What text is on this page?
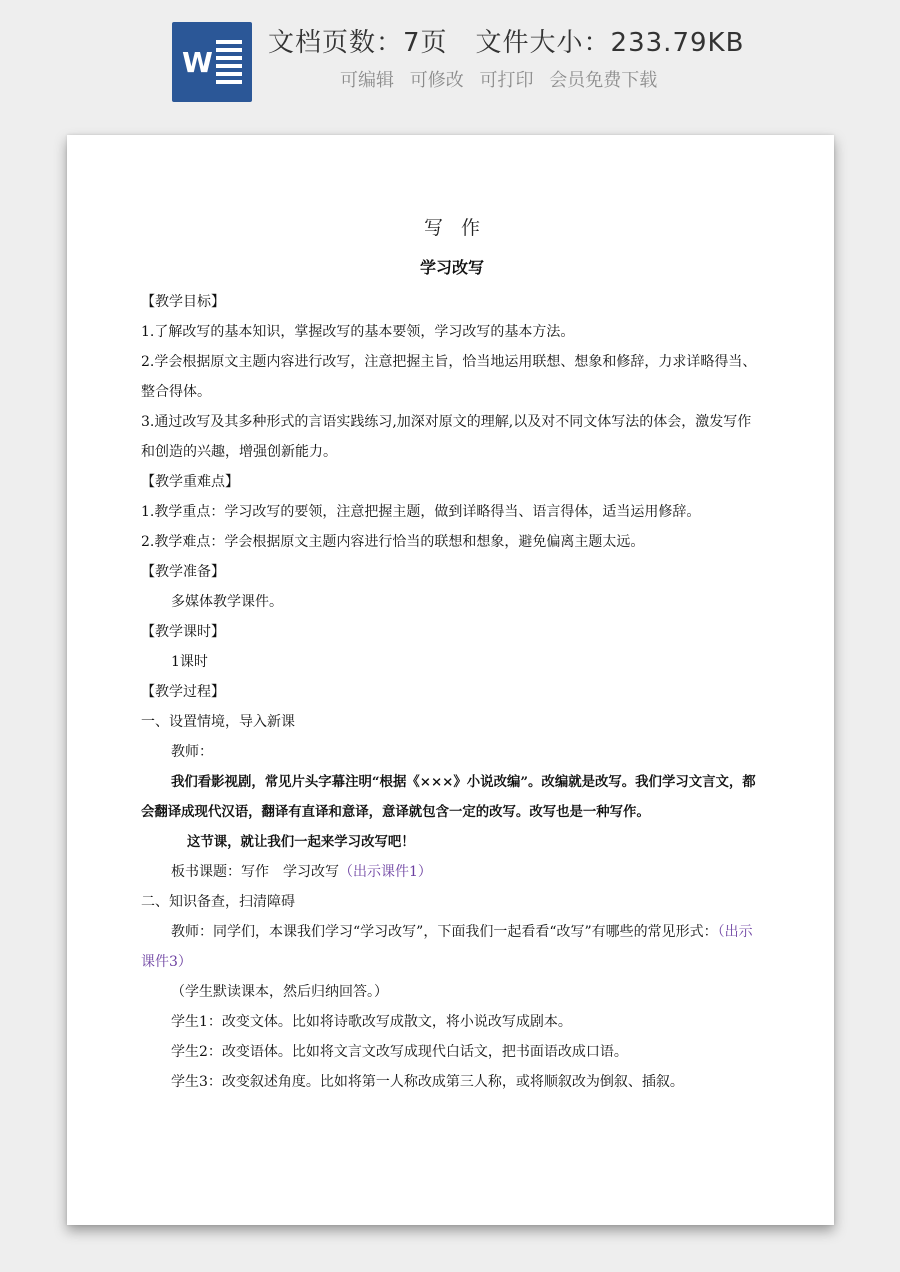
W
文档页数：7页 文件大小：233.79KB
可编辑 可修改 可打印 会员免费下载
写作
学习改写

【教学目标】

1.了解改写的基本知识，掌握改写的基本要领，学习改写的基本方法。

2.学会根据原文主题内容进行改写，注意把握主旨，恰当地运用联想、想象和修辞，力求详略得当、整合得体。

3.通过改写及其多种形式的言语实践练习,加深对原文的理解,以及对不同文体写法的体会，激发写作和创造的兴趣，增强创新能力。

【教学重难点】

1.教学重点：学习改写的要领，注意把握主题，做到详略得当、语言得体，适当运用修辞。

2.教学难点：学会根据原文主题内容进行恰当的联想和想象，避免偏离主题太远。

【教学准备】

多媒体教学课件。

【教学课时】

1课时

【教学过程】

一、设置情境，导入新课

教师：

我们看影视剧，常见片头字幕注明“根据《×××》小说改编”。改编就是改写。我们学习文言文，都会翻译成现代汉语，翻译有直译和意译，意译就包含一定的改写。改写也是一种写作。

这节课，就让我们一起来学习改写吧！

板书课题：写作　学习改写（出示课件1）

二、知识备查，扫清障碍

教师：同学们，本课我们学习“学习改写”，下面我们一起看看“改写”有哪些的常见形式：（出示课件3）

（学生默读课本，然后归纳回答。）

学生1：改变文体。比如将诗歌改写成散文，将小说改写成剧本。

学生2：改变语体。比如将文言文改写成现代白话文，把书面语改成口语。

学生3：改变叙述角度。比如将第一人称改成第三人称，或将顺叙改为倒叙、插叙。
